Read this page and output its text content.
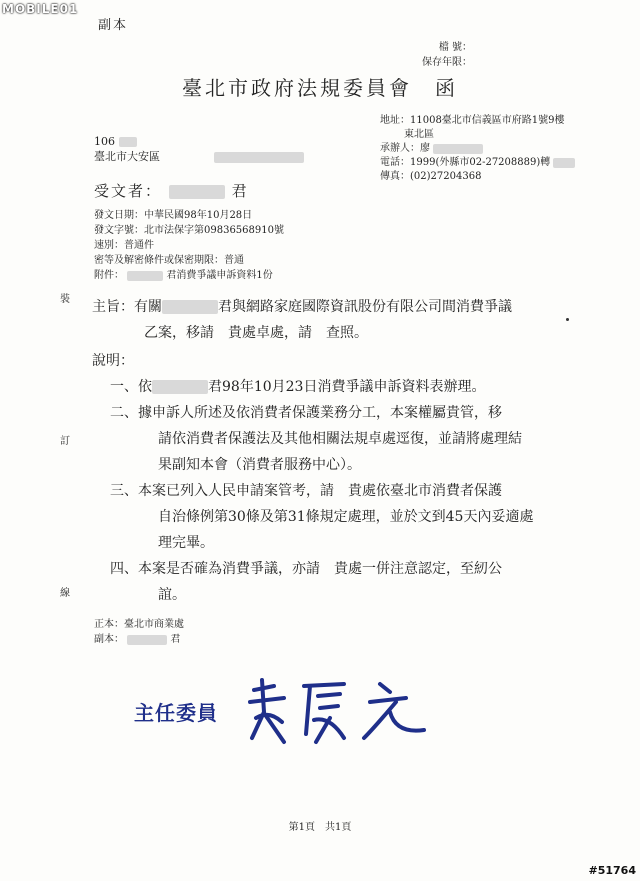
MOBILE01
副本
檔 號：
保存年限：
臺北市政府法規委員會　函
地址：11008臺北市信義區市府路1號9樓
東北區
承辦人：廖
電話：1999(外縣市02-27208889)轉
傳真：(02)27204368
106
臺北市大安區
受文者：	君
發文日期：中華民國98年10月28日
發文字號：北市法保字第09836568910號
速別：普通件
密等及解密條件或保密期限：普通
附件：	君消費爭議申訴資料1份
裝
訂
線
主旨：有關	君與網路家庭國際資訊股份有限公司間消費爭議
乙案，移請　貴處卓處，請　查照。
說明：
一、依	君98年10月23日消費爭議申訴資料表辦理。
二、據申訴人所述及依消費者保護業務分工，本案權屬貴管，移
請依消費者保護法及其他相關法規卓處逕復，並請將處理結
果副知本會（消費者服務中心）。
三、本案已列入人民申請案管考，請　貴處依臺北市消費者保護
自治條例第30條及第31條規定處理，並於文到45天內妥適處
理完畢。
四、本案是否確為消費爭議，亦請　貴處一併注意認定，至紉公
誼。
正本：臺北市商業處
副本：	君
主任委員
第1頁　共1頁
#51764
